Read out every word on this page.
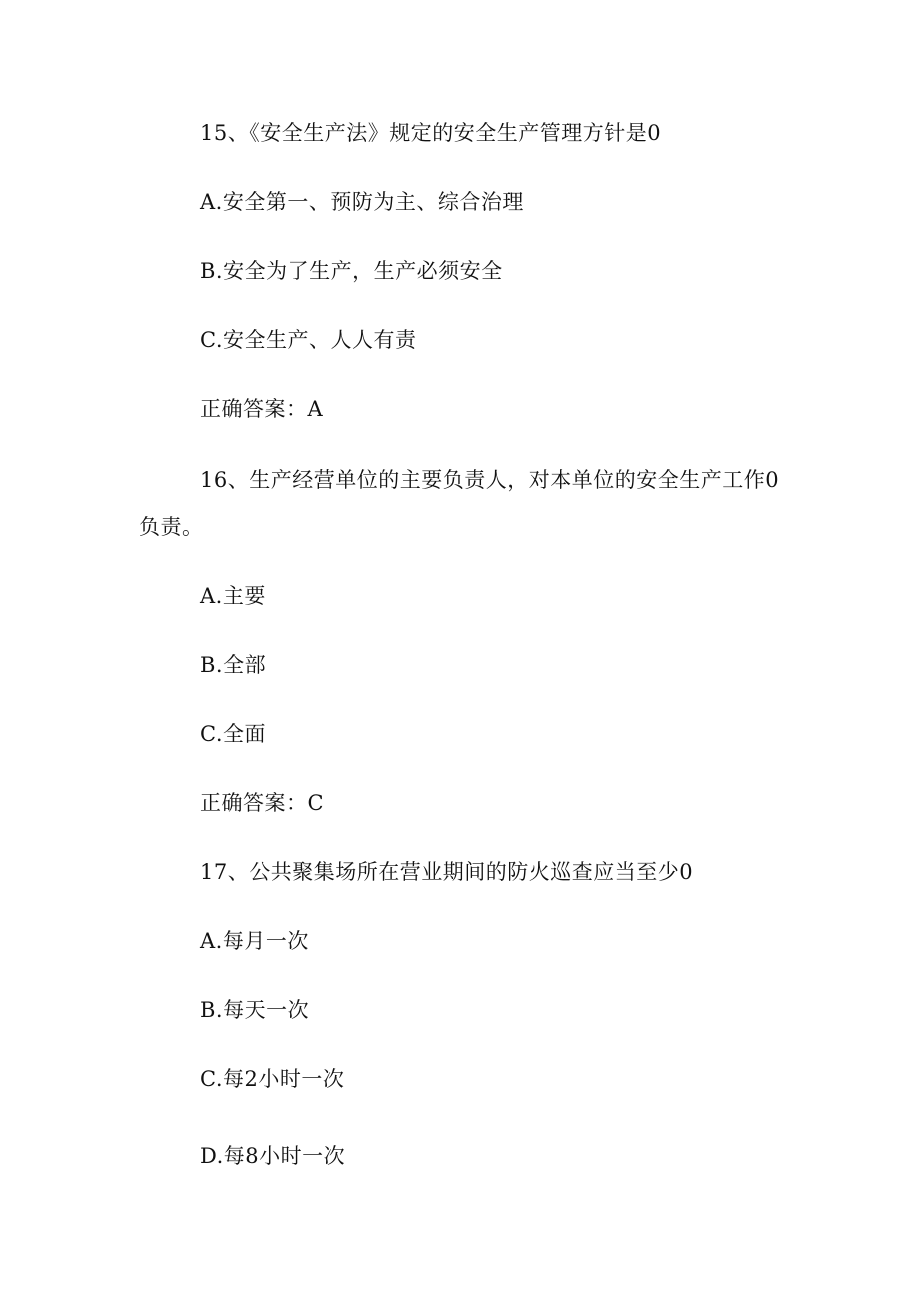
15、《安全生产法》规定的安全生产管理方针是0
A.安全第一、预防为主、综合治理
B.安全为了生产，生产必须安全
C.安全生产、人人有责
正确答案：A
16、生产经营单位的主要负责人，对本单位的安全生产工作0
负责。
A.主要
B.全部
C.全面
正确答案：C
17、公共聚集场所在营业期间的防火巡查应当至少0
A.每月一次
B.每天一次
C.每2小时一次
D.每8小时一次
